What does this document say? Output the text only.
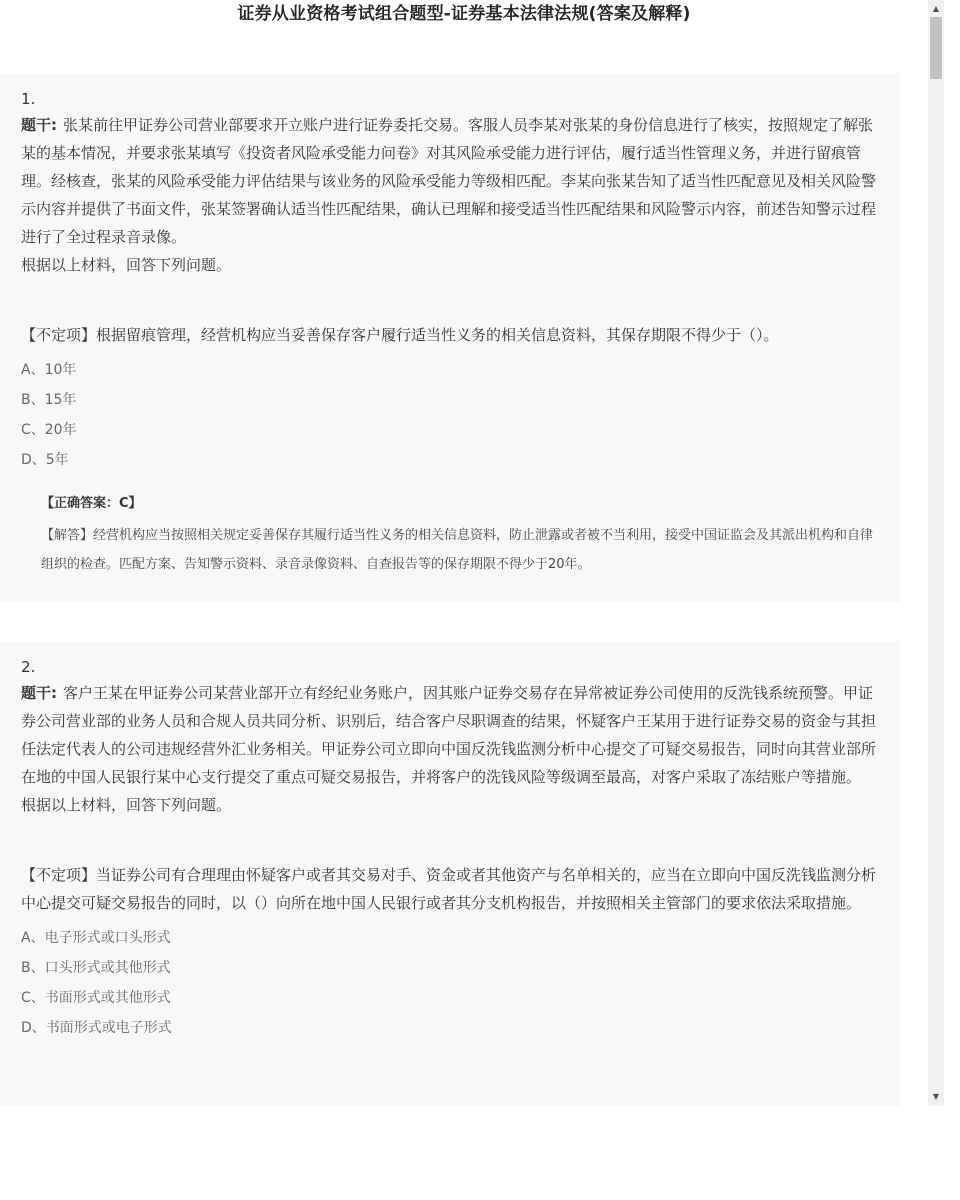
证券从业资格考试组合题型-证券基本法律法规(答案及解释)
1.
题干: 张某前往甲证券公司营业部要求开立账户进行证券委托交易。客服人员李某对张某的身份信息进行了核实，按照规定了解张某的基本情况，并要求张某填写《投资者风险承受能力问卷》对其风险承受能力进行评估，履行适当性管理义务，并进行留痕管理。经核查，张某的风险承受能力评估结果与该业务的风险承受能力等级相匹配。李某向张某告知了适当性匹配意见及相关风险警示内容并提供了书面文件，张某签署确认适当性匹配结果，确认已理解和接受适当性匹配结果和风险警示内容，前述告知警示过程进行了全过程录音录像。
根据以上材料，回答下列问题。
【不定项】根据留痕管理，经营机构应当妥善保存客户履行适当性义务的相关信息资料，其保存期限不得少于（）。
A、10年
B、15年
C、20年
D、5年
【正确答案：C】
【解答】经营机构应当按照相关规定妥善保存其履行适当性义务的相关信息资料，防止泄露或者被不当利用，接受中国证监会及其派出机构和自律组织的检查。匹配方案、告知警示资料、录音录像资料、自查报告等的保存期限不得少于20年。
2.
题干: 客户王某在甲证券公司某营业部开立有经纪业务账户，因其账户证券交易存在异常被证券公司使用的反洗钱系统预警。甲证券公司营业部的业务人员和合规人员共同分析、识别后，结合客户尽职调查的结果，怀疑客户王某用于进行证券交易的资金与其担任法定代表人的公司违规经营外汇业务相关。甲证券公司立即向中国反洗钱监测分析中心提交了可疑交易报告，同时向其营业部所在地的中国人民银行某中心支行提交了重点可疑交易报告，并将客户的洗钱风险等级调至最高，对客户采取了冻结账户等措施。
根据以上材料，回答下列问题。
【不定项】当证券公司有合理理由怀疑客户或者其交易对手、资金或者其他资产与名单相关的，应当在立即向中国反洗钱监测分析中心提交可疑交易报告的同时，以（）向所在地中国人民银行或者其分支机构报告，并按照相关主管部门的要求依法采取措施。
A、电子形式或口头形式
B、口头形式或其他形式
C、书面形式或其他形式
D、书面形式或电子形式
▲
▼
